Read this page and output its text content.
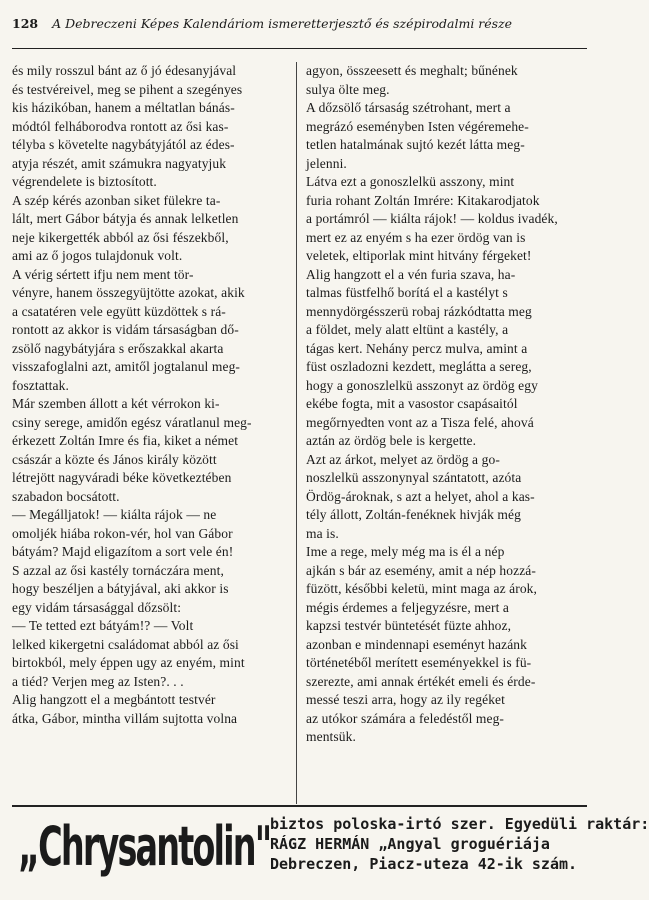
128 A Debreczeni Képes Kalendáriom ismeretterjesztő és szépirodalmi része
és mily rosszul bánt az ő jó édesanyjával
és testvéreivel, meg se pihent a szegényes
kis házikóban, hanem a méltatlan bánás-
módtól felháborodva rontott az ősi kas-
télyba s követelte nagybátyjától az édes-
atyja részét, amit számukra nagyatyjuk
végrendelete is biztosított.
A szép kérés azonban siket fülekre ta-
lált, mert Gábor bátyja és annak lelketlen
neje kikergették abból az ősi fészekből,
ami az ő jogos tulajdonuk volt.
A vérig sértett ifju nem ment tör-
vényre, hanem összegyüjtötte azokat, akik
a csatatéren vele együtt küzdöttek s rá-
rontott az akkor is vidám társaságban dő-
zsölő nagybátyjára s erőszakkal akarta
visszafoglalni azt, amitől jogtalanul meg-
fosztattak.
Már szemben állott a két vérrokon ki-
csiny serege, amidőn egész váratlanul meg-
érkezett Zoltán Imre és fia, kiket a német
császár a közte és János király között
létrejött nagyváradi béke következtében
szabadon bocsátott.
— Megálljatok! — kiálta rájok — ne
omoljék hiába rokon-vér, hol van Gábor
bátyám? Majd eligazítom a sort vele én!
S azzal az ősi kastély tornáczára ment,
hogy beszéljen a bátyjával, aki akkor is
egy vidám társasággal dőzsölt:
— Te tetted ezt bátyám!? — Volt
lelked kikergetni családomat abból az ősi
birtokból, mely éppen ugy az enyém, mint
a tiéd? Verjen meg az Isten?. . .
Alig hangzott el a megbántott testvér
átka, Gábor, mintha villám sujtotta volna
agyon, összeesett és meghalt; bűnének
sulya ölte meg.
A dőzsölő társaság szétrohant, mert a
megrázó eseményben Isten végéremehe-
tetlen hatalmának sujtó kezét látta meg-
jelenni.
Látva ezt a gonoszlelkü asszony, mint
furia rohant Zoltán Imrére: Kitakarodjatok
a portámról — kiálta rájok! — koldus ivadék,
mert ez az enyém s ha ezer ördög van is
veletek, eltiporlak mint hitvány férgeket!
Alig hangzott el a vén furia szava, ha-
talmas füstfelhő borítá el a kastélyt s
mennydörgésszerü robaj rázkódtatta meg
a földet, mely alatt eltünt a kastély, a
tágas kert. Nehány percz mulva, amint a
füst oszladozni kezdett, meglátta a sereg,
hogy a gonoszlelkü asszonyt az ördög egy
ekébe fogta, mit a vasostor csapásaitól
megőrnyedten vont az a Tisza felé, ahová
aztán az ördög bele is kergette.
Azt az árkot, melyet az ördög a go-
noszlelkü asszonynyal szántatott, azóta
Ördög-ároknak, s azt a helyet, ahol a kas-
tély állott, Zoltán-fenéknek hivják még
ma is.
Ime a rege, mely még ma is él a nép
ajkán s bár az esemény, amit a nép hozzá-
füzött, későbbi keletü, mint maga az árok,
mégis érdemes a feljegyzésre, mert a
kapzsi testvér büntetését füzte ahhoz,
azonban e mindennapi eseményt hazánk
történetéből merített eseményekkel is fü-
szerezte, ami annak értékét emeli és érde-
messé teszi arra, hogy az ily regéket
az utókor számára a feledéstől meg-
mentsük.
„Chrysantolin" biztos poloska-irtó szer. Egyedüli raktár:
RÁGZ HERMÁN „Angyal groguériája
Debreczen, Piacz-uteza 42-ik szám.
